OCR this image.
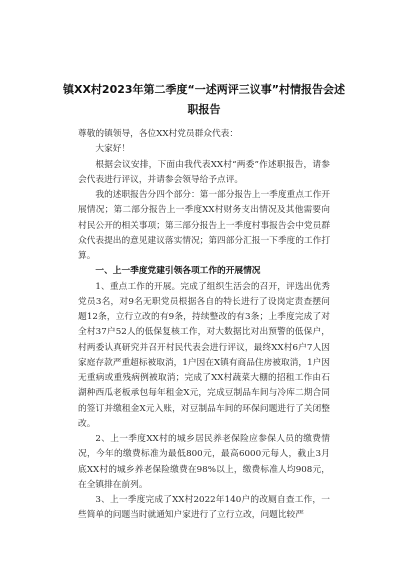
镇XX村2023年第二季度“一述两评三议事”村情报告会述职报告

尊敬的镇领导，各位XX村党员群众代表：

大家好！

根据会议安排，下面由我代表XX村“两委”作述职报告，请参会代表进行评议，并请参会领导给予点评。

我的述职报告分四个部分：第一部分报告上一季度重点工作开展情况；第二部分报告上一季度XX村财务支出情况及其他需要向村民公开的相关事项；第三部分报告上一季度村事报告会中党员群众代表提出的意见建议落实情况；第四部分汇报一下季度的工作打算。

一、上一季度党建引领各项工作的开展情况

1、重点工作的开展。完成了组织生活会的召开，评选出优秀党员3名，对9名无职党员根据各自的特长进行了设岗定责查摆问题12条，立行立改的有9条，持续整改的有3条；上季度完成了对全村37户52人的低保复核工作，对大数据比对出预警的低保户，村两委认真研究并召开村民代表会进行评议，最终XX村6户7人因家庭存款严重超标被取消，1户因在X镇有商品住房被取消，1户因无重病或重残病例被取消；完成了XX村蔬菜大棚的招租工作由石湖种西瓜老板承包每年租金X元，完成豆制品车间与冷库二期合同的签订并缴租金X元入账，对豆制品车间的环保问题进行了关闭整改。

2、上一季度XX村的城乡居民养老保险应参保人员的缴费情况，今年的缴费标准为最低800元，最高6000元每人，截止3月底XX村的城乡养老保险缴费在98%以上，缴费标准人均908元，在全镇排在前列。

3、上一季度完成了XX村2022年140户的改厕自查工作，一些简单的问题当时就通知户家进行了立行立改，问题比较严
